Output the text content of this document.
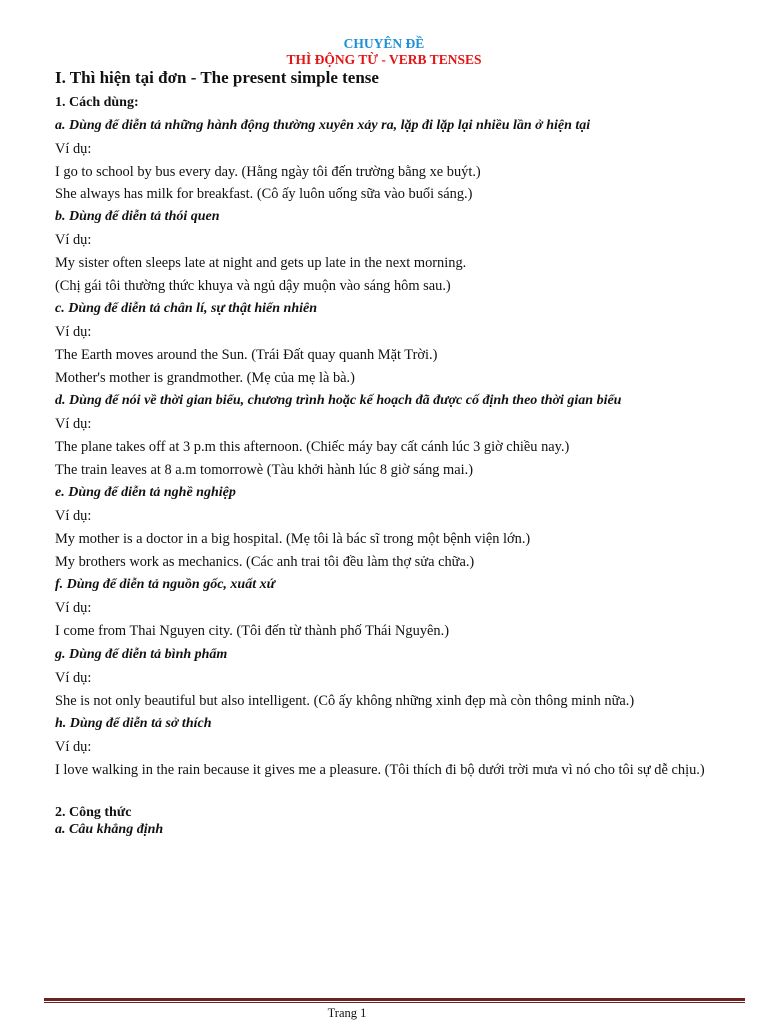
CHUYÊN ĐỀ
THÌ ĐỘNG TỪ - VERB TENSES
I. Thì hiện tại đơn - The present simple tense
1. Cách dùng:
a. Dùng để diễn tả những hành động thường xuyên xảy ra, lặp đi lặp lại nhiều lần ở hiện tại
Ví dụ:
I go to school by bus every day. (Hằng ngày tôi đến trường bằng xe buýt.)
She always has milk for breakfast. (Cô ấy luôn uống sữa vào buổi sáng.)
b. Dùng để diễn tả thói quen
Ví dụ:
My sister often sleeps late at night and gets up late in the next morning.
(Chị gái tôi thường thức khuya và ngủ dậy muộn vào sáng hôm sau.)
c. Dùng để diễn tả chân lí, sự thật hiển nhiên
Ví dụ:
The Earth moves around the Sun. (Trái Đất quay quanh Mặt Trời.)
Mother's mother is grandmother. (Mẹ của mẹ là bà.)
d. Dùng để nói về thời gian biểu, chương trình hoặc kế hoạch đã được cố định theo thời gian biểu
Ví dụ:
The plane takes off at 3 p.m this afternoon. (Chiếc máy bay cất cánh lúc 3 giờ chiều nay.)
The train leaves at 8 a.m tomorrowè (Tàu khởi hành lúc 8 giờ sáng mai.)
e. Dùng để diễn tả nghề nghiệp
Ví dụ:
My mother is a doctor in a big hospital. (Mẹ tôi là bác sĩ trong một bệnh viện lớn.)
My brothers work as mechanics. (Các anh trai tôi đều làm thợ sửa chữa.)
f. Dùng để diễn tả nguồn gốc, xuất xứ
Ví dụ:
I come from Thai Nguyen city. (Tôi đến từ thành phố Thái Nguyên.)
g. Dùng để diễn tả bình phẩm
Ví dụ:
She is not only beautiful but also intelligent. (Cô ấy không những xinh đẹp mà còn thông minh nữa.)
h. Dùng để diễn tả sở thích
Ví dụ:
I love walking in the rain because it gives me a pleasure. (Tôi thích đi bộ dưới trời mưa vì nó cho tôi sự dễ chịu.)
2. Công thức
a. Câu khẳng định
Trang 1
